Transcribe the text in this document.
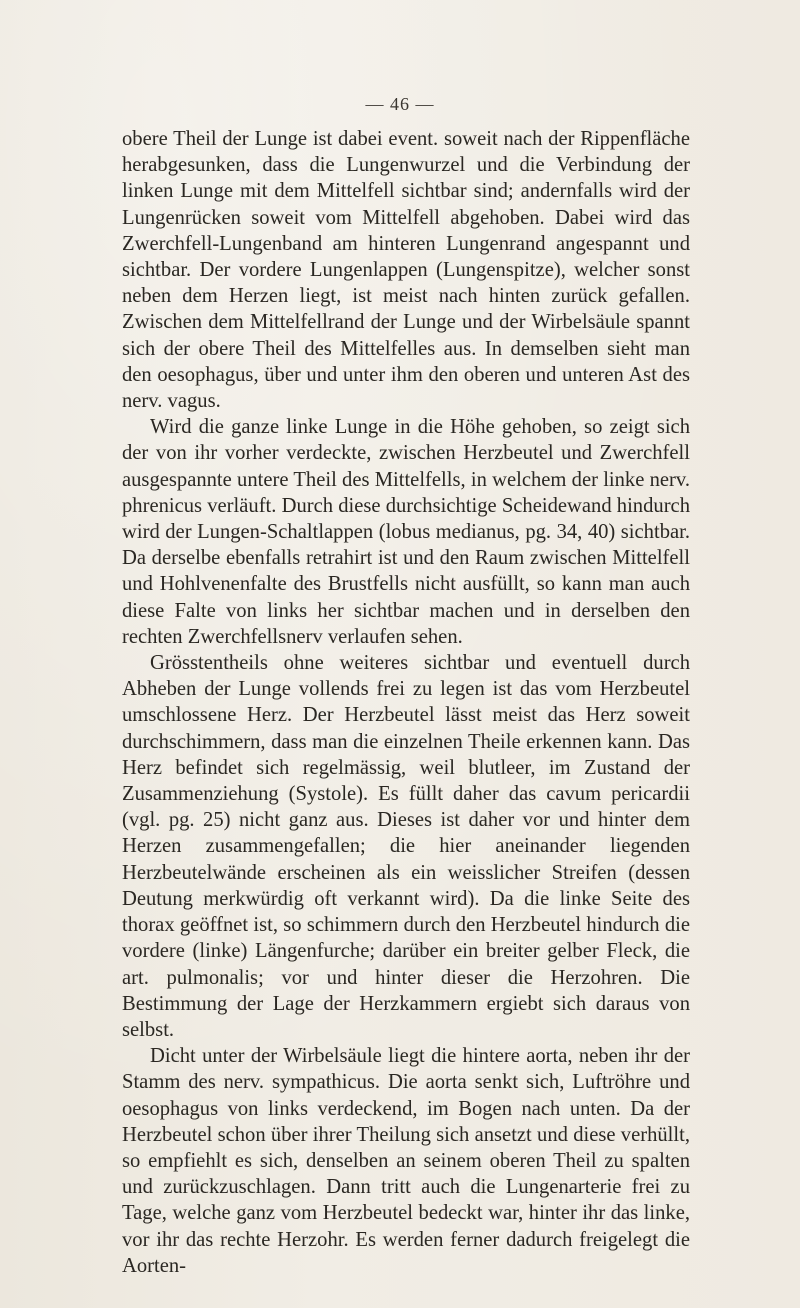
— 46 —

obere Theil der Lunge ist dabei event. soweit nach der Rippenfläche herabgesunken, dass die Lungenwurzel und die Verbindung der linken Lunge mit dem Mittelfell sichtbar sind; andernfalls wird der Lungenrücken soweit vom Mittelfell abgehoben. Dabei wird das Zwerchfell-Lungenband am hinteren Lungenrand angespannt und sichtbar. Der vordere Lungenlappen (Lungenspitze), welcher sonst neben dem Herzen liegt, ist meist nach hinten zurück gefallen. Zwischen dem Mittelfellrand der Lunge und der Wirbelsäule spannt sich der obere Theil des Mittelfelles aus. In demselben sieht man den oesophagus, über und unter ihm den oberen und unteren Ast des nerv. vagus.

Wird die ganze linke Lunge in die Höhe gehoben, so zeigt sich der von ihr vorher verdeckte, zwischen Herzbeutel und Zwerchfell ausgespannte untere Theil des Mittelfells, in welchem der linke nerv. phrenicus verläuft. Durch diese durchsichtige Scheidewand hindurch wird der Lungen-Schaltlappen (lobus medianus, pg. 34, 40) sichtbar. Da derselbe ebenfalls retrahirt ist und den Raum zwischen Mittelfell und Hohlvenenfalte des Brustfells nicht ausfüllt, so kann man auch diese Falte von links her sichtbar machen und in derselben den rechten Zwerchfellsnerv verlaufen sehen.

Grösstentheils ohne weiteres sichtbar und eventuell durch Abheben der Lunge vollends frei zu legen ist das vom Herzbeutel umschlossene Herz. Der Herzbeutel lässt meist das Herz soweit durchschimmern, dass man die einzelnen Theile erkennen kann. Das Herz befindet sich regelmässig, weil blutleer, im Zustand der Zusammenziehung (Systole). Es füllt daher das cavum pericardii (vgl. pg. 25) nicht ganz aus. Dieses ist daher vor und hinter dem Herzen zusammengefallen; die hier aneinander liegenden Herzbeutelwände erscheinen als ein weisslicher Streifen (dessen Deutung merkwürdig oft verkannt wird). Da die linke Seite des thorax geöffnet ist, so schimmern durch den Herzbeutel hindurch die vordere (linke) Längenfurche; darüber ein breiter gelber Fleck, die art. pulmonalis; vor und hinter dieser die Herzohren. Die Bestimmung der Lage der Herzkammern ergiebt sich daraus von selbst.

Dicht unter der Wirbelsäule liegt die hintere aorta, neben ihr der Stamm des nerv. sympathicus. Die aorta senkt sich, Luftröhre und oesophagus von links verdeckend, im Bogen nach unten. Da der Herzbeutel schon über ihrer Theilung sich ansetzt und diese verhüllt, so empfiehlt es sich, denselben an seinem oberen Theil zu spalten und zurückzuschlagen. Dann tritt auch die Lungenarterie frei zu Tage, welche ganz vom Herzbeutel bedeckt war, hinter ihr das linke, vor ihr das rechte Herzohr. Es werden ferner dadurch freigelegt die Aorten-
